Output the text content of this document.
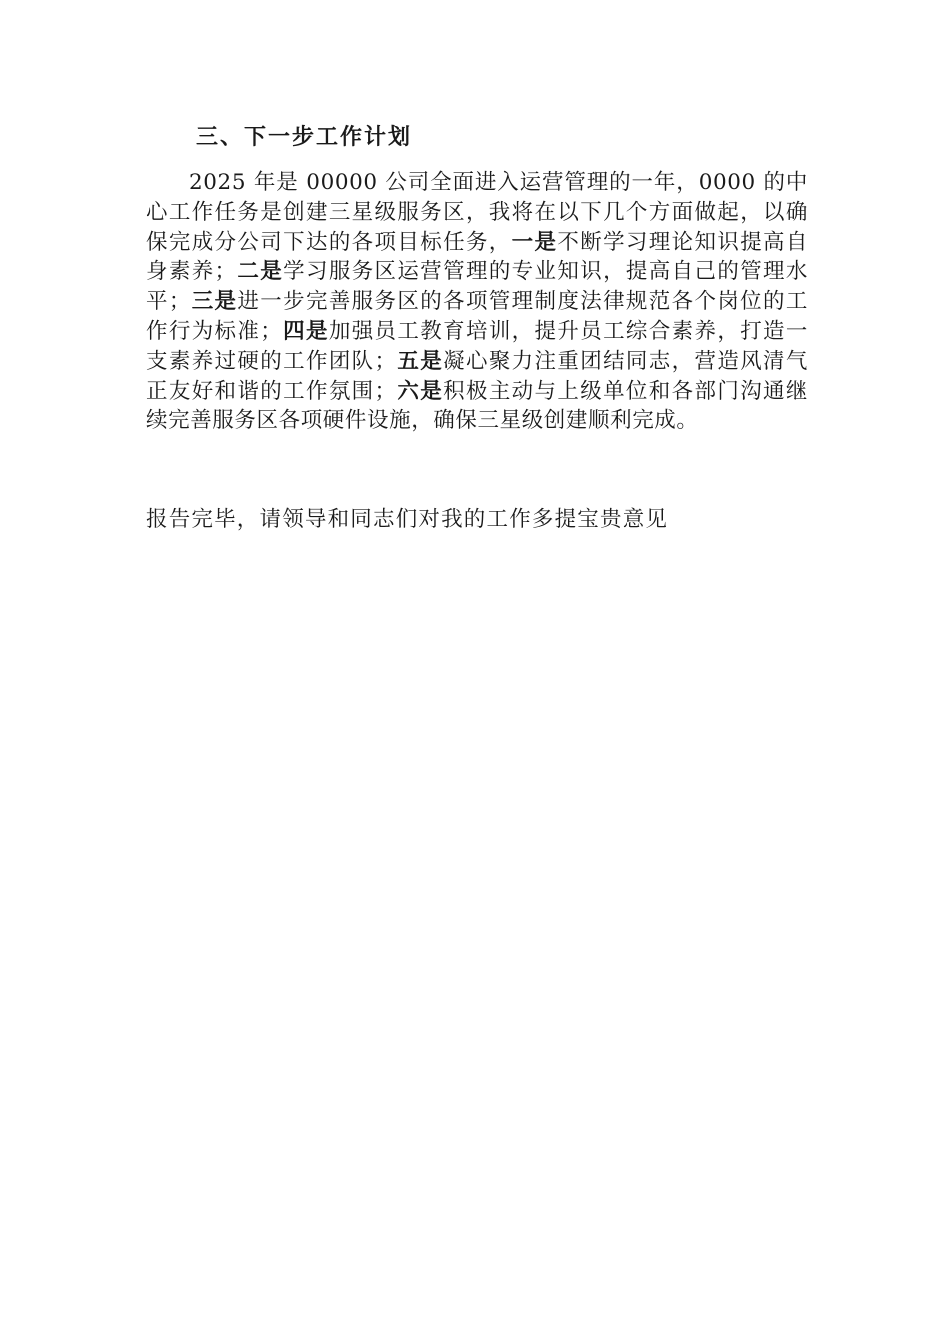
三、下一步工作计划

2025 年是 00000 公司全面进入运营管理的一年，0000 的中心工作任务是创建三星级服务区，我将在以下几个方面做起，以确保完成分公司下达的各项目标任务，一是不断学习理论知识提高自身素养；二是学习服务区运营管理的专业知识，提高自己的管理水平；三是进一步完善服务区的各项管理制度法律规范各个岗位的工作行为标准；四是加强员工教育培训，提升员工综合素养，打造一支素养过硬的工作团队；五是凝心聚力注重团结同志，营造风清气正友好和谐的工作氛围；六是积极主动与上级单位和各部门沟通继续完善服务区各项硬件设施，确保三星级创建顺利完成。

报告完毕，请领导和同志们对我的工作多提宝贵意见
